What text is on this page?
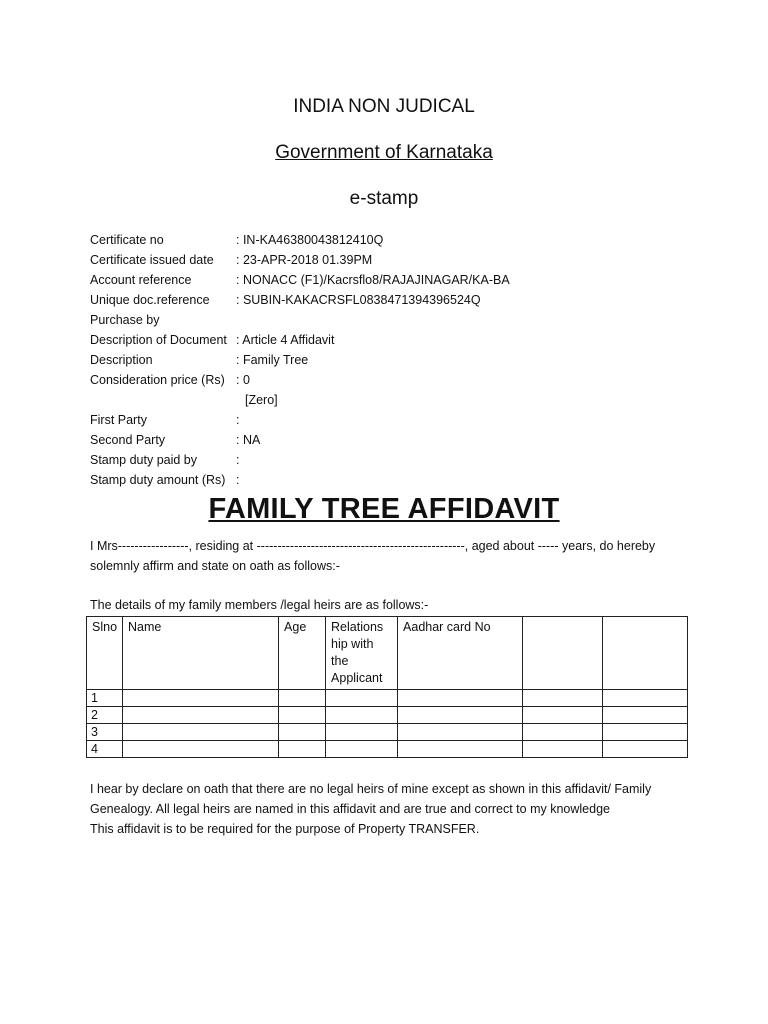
INDIA NON JUDICAL
Government of Karnataka
e-stamp
Certificate no	: IN-KA46380043812410Q
Certificate issued date : 23-APR-2018 01.39PM
Account reference	: NONACC (F1)/Kacrsflo8/RAJAJINAGAR/KA-BA
Unique doc.reference : SUBIN-KAKACRSFL0838471394396524Q
Purchase by
Description of Document : Article 4 Affidavit
Description	: Family Tree
Consideration price (Rs) : 0
[Zero]
First Party	:
Second Party	: NA
Stamp duty paid by	:
Stamp duty amount (Rs) :
FAMILY TREE AFFIDAVIT
I Mrs-----------------, residing at --------------------------------------------------, aged about ----- years, do hereby
solemnly affirm and state on oath as follows:-
The details of my family members /legal heirs are as follows:-
Slno	Name	Age	Relations hip with the Applicant	Aadhar card No		
1						
2						
3						
4						
I hear by declare on oath that there are no legal heirs of mine except as shown in this affidavit/ Family
Genealogy. All legal heirs are named in this affidavit and are true and correct to my knowledge
This affidavit is to be required for the purpose of Property TRANSFER.
